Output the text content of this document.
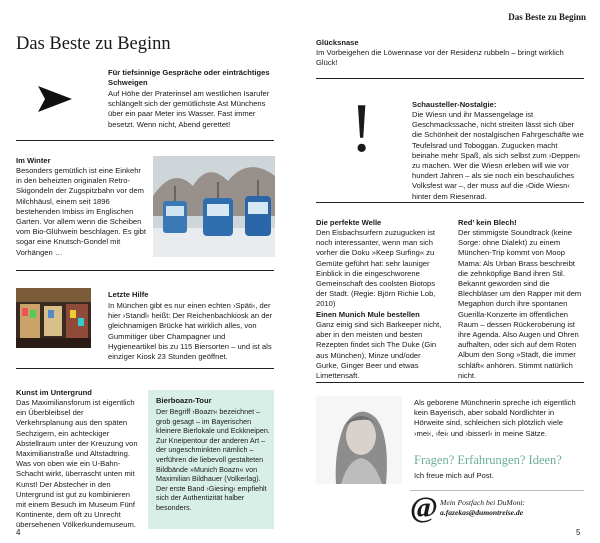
Das Beste zu Beginn
Für tiefsinnige Gespräche oder einträchtiges Schweigen
Auf Höhe der Praterinsel am westlichen Isarufer schlängelt sich der gemütlichste Ast Münchens über ein paar Meter ins Wasser. Fast immer besetzt. Wenn nicht, Abend gerettet!
Im Winter
Besonders gemütlich ist eine Einkehr in den beheizten originalen Retro-Skigondeln der Zugspitzbahn vor dem Milchhäusl, einem seit 1896 bestehenden Imbiss im Englischen Garten. Vor allem wenn die Scheiben vom Bio-Glühwein beschlagen. Es gibt sogar eine Knutsch-Gondel mit Vorhängen …
Letzte Hilfe
In München gibt es nur einen echten ›Späti‹, der hier ›Standl‹ heißt: Der Reichenbachkiosk an der gleichnamigen Brücke hat wirklich alles, von Gummitiger über Champagner und Hygieneartikel bis zu 115 Biersorten – und ist als einziger Kiosk 23 Stunden geöffnet.
Kunst im Untergrund
Das Maximiliansforum ist eigentlich ein Überbleibsel der Verkehrsplanung aus den späten Sechzigern, ein achteckiger Abstellraum unter der Kreuzung von Maximilianstraße und Altstadtring. Was von oben wie ein U-Bahn-Schacht wirkt, überrascht unten mit Kunst! Der Abstecher in den Untergrund ist gut zu kombinieren mit einem Besuch im Museum Fünf Kontinente, dem oft zu Unrecht übersehenen Völkerkundemuseum.
Bierboazn-Tour
Der Begriff ›Boazn‹ bezeichnet – grob gesagt – im Bayerischen kleinere Bierlokale und Eckkneipen. Zur Kneipentour der anderen Art – der ungeschminkten nämlich – verführen die liebevoll gestalteten Bildbände »Munich Boazn« von Maximilian Bildhauer (Volkerlag). Der erste Band ›Giesing‹ empfiehlt sich der Authentizität halber besonders.
4
Das Beste zu Beginn
Glücksnase
Im Vorbeigehen die Löwennase vor der Residenz rubbeln – bringt wirklich Glück!
!	Schausteller-Nostalgie:
Die Wiesn und ihr Massengelage ist Geschmackssache, nicht streiten lässt sich über die Schönheit der nostalgischen Fahrgeschäfte wie Teufelsrad und Toboggan. Zugucken macht beinahe mehr Spaß, als sich selbst zum ›Deppen‹ zu machen. Wer die Wiesn erleben will wie vor hundert Jahren – als sie noch ein beschauliches Volksfest war –, der muss auf die ›Oide Wiesn‹ hinter dem Riesenrad.
Die perfekte Welle
Den Eisbachsurfern zuzugucken ist noch interessanter, wenn man sich vorher die Doku »Keep Surfing« zu Gemüte geführt hat: sehr launiger Einblick in die eingeschworene Gemeinschaft des coolsten Biotops der Stadt. (Regie: Björn Richie Lob, 2010)
Einen Munich Mule bestellen
Ganz einig sind sich Barkeeper nicht, aber in den meisten und besten Rezepten findet sich The Duke (Gin aus München), Minze und/oder Gurke, Ginger Beer und etwas Limettensaft.
Red’ kein Blech!
Der stimmigste Soundtrack (keine Sorge: ohne Dialekt) zu einem München-Trip kommt von Moop Mama: Als Urban Brass beschreibt die zehnköpfige Band ihren Stil. Bekannt geworden sind die Blechbläser um den Rapper mit dem Megaphon durch ihre spontanen Guerilla-Konzerte im öffentlichen Raum – dessen Rückeroberung ist ihre Agenda. Also Augen und Ohren aufhalten, oder sich auf dem Roten Album den Song »Stadt, die immer schläft« anhören. Stimmt natürlich nicht.
Als geborene Münchnerin spreche ich eigentlich kein Bayerisch, aber sobald Nordlichter in Hörweite sind, schleichen sich plötzlich viele ›mei‹, ›fei‹ und ›bisserl‹ in meine Sätze.
Fragen? Erfahrungen? Ideen?
Ich freue mich auf Post.
@ Mein Postfach bei DuMont:
a.fazekas@dumontreise.de
5
